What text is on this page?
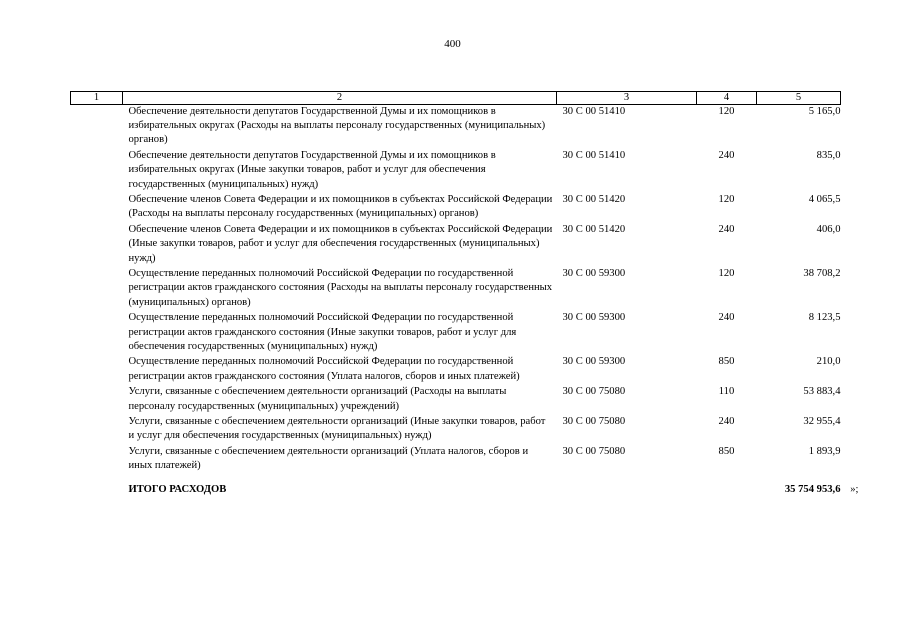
400
1	2	3	4	5
	Обеспечение деятельности депутатов Государственной Думы и их помощников в избирательных округах (Расходы на выплаты персоналу государственных (муниципальных) органов)	30 С 00 51410	120	5 165,0
	Обеспечение деятельности депутатов Государственной Думы и их помощников в избирательных округах (Иные закупки товаров, работ и услуг для обеспечения государственных (муниципальных) нужд)	30 С 00 51410	240	835,0
	Обеспечение членов Совета Федерации и их помощников в субъектах Российской Федерации (Расходы на выплаты персоналу государственных (муниципальных) органов)	30 С 00 51420	120	4 065,5
	Обеспечение членов Совета Федерации и их помощников в субъектах Российской Федерации (Иные закупки товаров, работ и услуг для обеспечения государственных (муниципальных) нужд)	30 С 00 51420	240	406,0
	Осуществление переданных полномочий Российской Федерации по государственной регистрации актов гражданского состояния (Расходы на выплаты персоналу государственных (муниципальных) органов)	30 С 00 59300	120	38 708,2
	Осуществление переданных полномочий Российской Федерации по государственной регистрации актов гражданского состояния (Иные закупки товаров, работ и услуг для обеспечения государственных (муниципальных) нужд)	30 С 00 59300	240	8 123,5
	Осуществление переданных полномочий Российской Федерации по государственной регистрации актов гражданского состояния (Уплата налогов, сборов и иных платежей)	30 С 00 59300	850	210,0
	Услуги, связанные с обеспечением деятельности организаций (Расходы на выплаты персоналу государственных (муниципальных) учреждений)	30 С 00 75080	110	53 883,4
	Услуги, связанные с обеспечением деятельности организаций (Иные закупки товаров, работ и услуг для обеспечения государственных (муниципальных) нужд)	30 С 00 75080	240	32 955,4
	Услуги, связанные с обеспечением деятельности организаций (Уплата налогов, сборов и иных платежей)	30 С 00 75080	850	1 893,9
	ИТОГО РАСХОДОВ			35 754 953,6 »;
